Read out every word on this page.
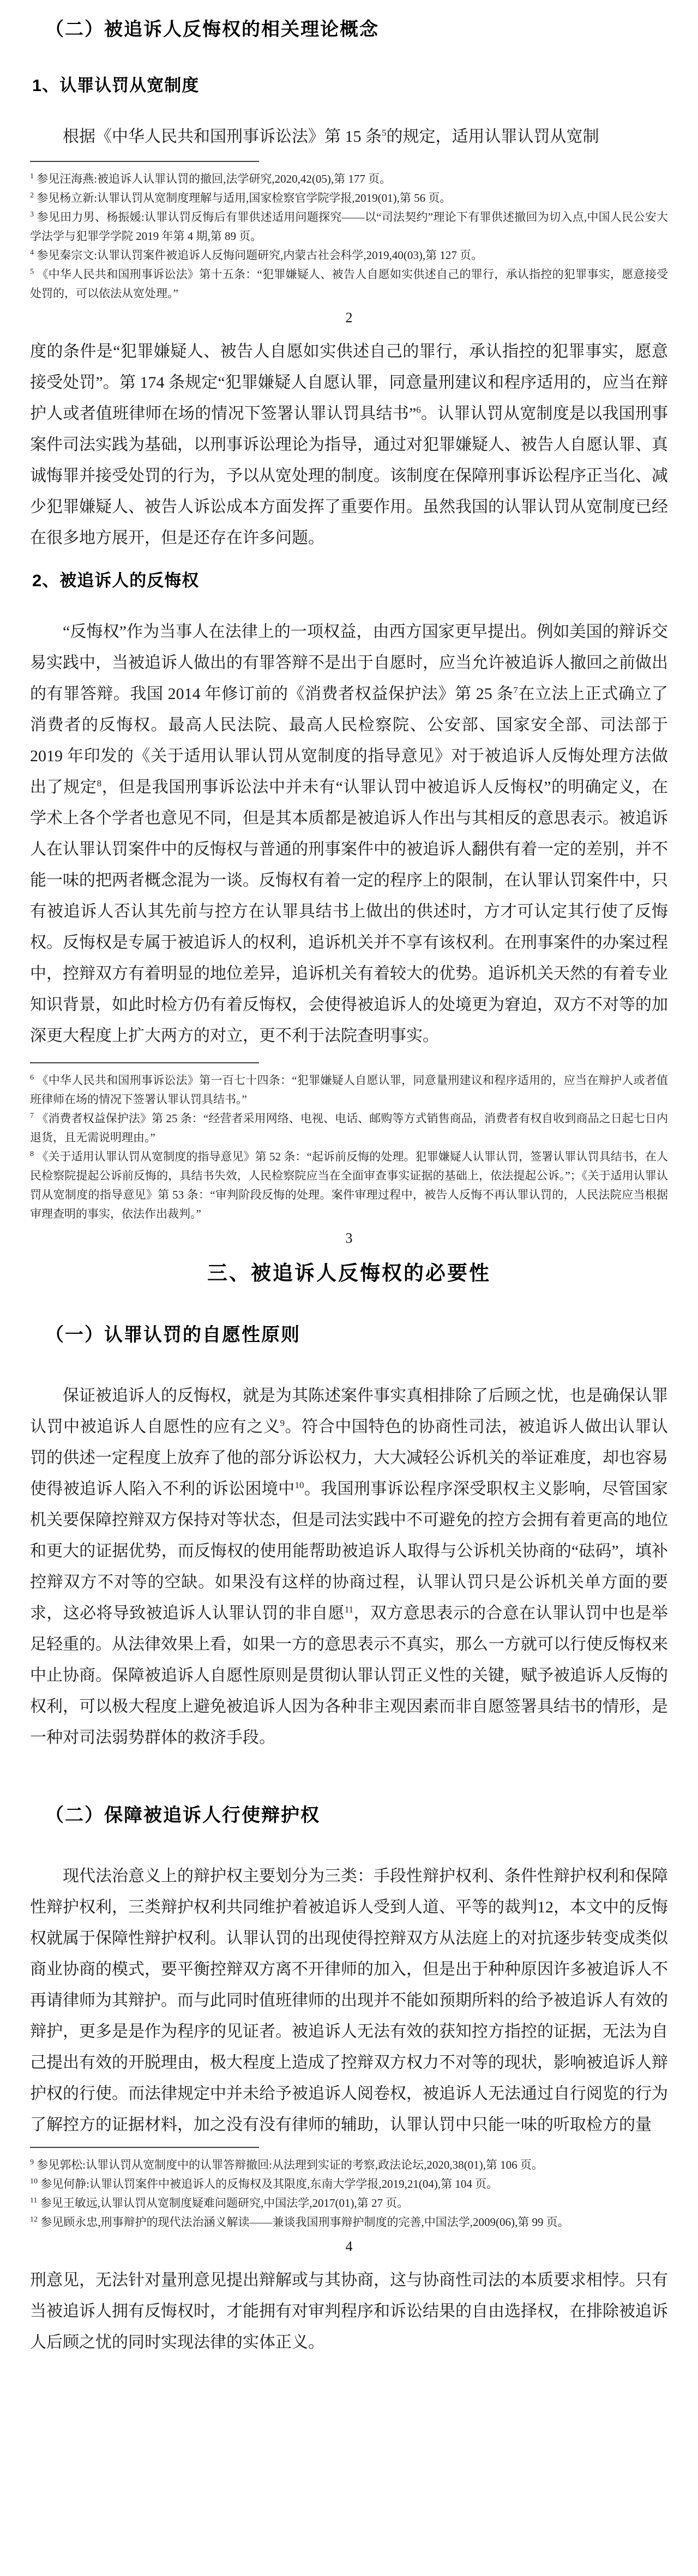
（二）被追诉人反悔权的相关理论概念
1、认罪认罚从宽制度

根据《中华人民共和国刑事诉讼法》第 15 条$^5$的规定，适用认罪认罚从宽制

$^1$ 参见汪海燕:被追诉人认罪认罚的撤回,法学研究,2020,42(05),第 177 页。

$^2$ 参见杨立新:认罪认罚从宽制度理解与适用,国家检察官学院学报,2019(01),第 56 页。

$^3$ 参见田力男、杨振媛:认罪认罚反悔后有罪供述适用问题探究——以“司法契约”理论下有罪供述撤回为切入点,中国人民公安大学法学与犯罪学学院 2019 年第 4 期,第 89 页。

$^4$ 参见秦宗文:认罪认罚案件被追诉人反悔问题研究,内蒙古社会科学,2019,40(03),第 127 页。

$^5$ 《中华人民共和国刑事诉讼法》第十五条：“犯罪嫌疑人、被告人自愿如实供述自己的罪行，承认指控的犯罪事实，愿意接受处罚的，可以依法从宽处理。”

2

度的条件是“犯罪嫌疑人、被告人自愿如实供述自己的罪行，承认指控的犯罪事实，愿意接受处罚”。第 174 条规定“犯罪嫌疑人自愿认罪，同意量刑建议和程序适用的，应当在辩护人或者值班律师在场的情况下签署认罪认罚具结书”$^6$。认罪认罚从宽制度是以我国刑事案件司法实践为基础，以刑事诉讼理论为指导，通过对犯罪嫌疑人、被告人自愿认罪、真诚悔罪并接受处罚的行为，予以从宽处理的制度。该制度在保障刑事诉讼程序正当化、减少犯罪嫌疑人、被告人诉讼成本方面发挥了重要作用。虽然我国的认罪认罚从宽制度已经在很多地方展开，但是还存在许多问题。

2、被追诉人的反悔权

“反悔权”作为当事人在法律上的一项权益，由西方国家更早提出。例如美国的辩诉交易实践中，当被追诉人做出的有罪答辩不是出于自愿时，应当允许被追诉人撤回之前做出的有罪答辩。我国 2014 年修订前的《消费者权益保护法》第 25 条$^7$在立法上正式确立了消费者的反悔权。最高人民法院、最高人民检察院、公安部、国家安全部、司法部于 2019 年印发的《关于适用认罪认罚从宽制度的指导意见》对于被追诉人反悔处理方法做出了规定$^8$，但是我国刑事诉讼法中并未有“认罪认罚中被追诉人反悔权”的明确定义，在学术上各个学者也意见不同，但是其本质都是被追诉人作出与其相反的意思表示。被追诉人在认罪认罚案件中的反悔权与普通的刑事案件中的被追诉人翻供有着一定的差别，并不能一味的把两者概念混为一谈。反悔权有着一定的程序上的限制，在认罪认罚案件中，只有被追诉人否认其先前与控方在认罪具结书上做出的供述时，方才可认定其行使了反悔权。反悔权是专属于被追诉人的权利，追诉机关并不享有该权利。在刑事案件的办案过程中，控辩双方有着明显的地位差异，追诉机关有着较大的优势。追诉机关天然的有着专业知识背景，如此时检方仍有着反悔权，会使得被追诉人的处境更为窘迫，双方不对等的加深更大程度上扩大两方的对立，更不利于法院查明事实。

$^6$ 《中华人民共和国刑事诉讼法》第一百七十四条：“犯罪嫌疑人自愿认罪，同意量刑建议和程序适用的，应当在辩护人或者值班律师在场的情况下签署认罪认罚具结书。”

$^7$ 《消费者权益保护法》第 25 条：“经营者采用网络、电视、电话、邮购等方式销售商品，消费者有权自收到商品之日起七日内退货，且无需说明理由。”

$^8$ 《关于适用认罪认罚从宽制度的指导意见》第 52 条：“起诉前反悔的处理。犯罪嫌疑人认罪认罚，签署认罪认罚具结书，在人民检察院提起公诉前反悔的，具结书失效，人民检察院应当在全面审查事实证据的基础上，依法提起公诉。”；《关于适用认罪认罚从宽制度的指导意见》第 53 条：“审判阶段反悔的处理。案件审理过程中，被告人反悔不再认罪认罚的，人民法院应当根据审理查明的事实，依法作出裁判。”

3
三、被追诉人反悔权的必要性
（一）认罪认罚的自愿性原则

保证被追诉人的反悔权，就是为其陈述案件事实真相排除了后顾之忧，也是确保认罪认罚中被追诉人自愿性的应有之义$^9$。符合中国特色的协商性司法，被追诉人做出认罪认罚的供述一定程度上放弃了他的部分诉讼权力，大大减轻公诉机关的举证难度，却也容易使得被追诉人陷入不利的诉讼困境中$^{10}$。我国刑事诉讼程序深受职权主义影响，尽管国家机关要保障控辩双方保持对等状态，但是司法实践中不可避免的控方会拥有着更高的地位和更大的证据优势，而反悔权的使用能帮助被追诉人取得与公诉机关协商的“砝码”，填补控辩双方不对等的空缺。如果没有这样的协商过程，认罪认罚只是公诉机关单方面的要求，这必将导致被追诉人认罪认罚的非自愿$^{11}$，双方意思表示的合意在认罪认罚中也是举足轻重的。从法律效果上看，如果一方的意思表示不真实，那么一方就可以行使反悔权来中止协商。保障被追诉人自愿性原则是贯彻认罪认罚正义性的关键，赋予被追诉人反悔的权利，可以极大程度上避免被追诉人因为各种非主观因素而非自愿签署具结书的情形，是一种对司法弱势群体的救济手段。

（二）保障被追诉人行使辩护权

现代法治意义上的辩护权主要划分为三类：手段性辩护权利、条件性辩护权利和保障性辩护权利，三类辩护权利共同维护着被追诉人受到人道、平等的裁判12，本文中的反悔权就属于保障性辩护权利。认罪认罚的出现使得控辩双方从法庭上的对抗逐步转变成类似商业协商的模式，要平衡控辩双方离不开律师的加入，但是出于种种原因许多被追诉人不再请律师为其辩护。而与此同时值班律师的出现并不能如预期所料的给予被追诉人有效的辩护，更多是是作为程序的见证者。被追诉人无法有效的获知控方指控的证据，无法为自己提出有效的开脱理由，极大程度上造成了控辩双方权力不对等的现状，影响被追诉人辩护权的行使。而法律规定中并未给予被追诉人阅卷权，被追诉人无法通过自行阅览的行为了解控方的证据材料，加之没有没有律师的辅助，认罪认罚中只能一味的听取检方的量

$^9$ 参见郭松:认罪认罚从宽制度中的认罪答辩撤回:从法理到实证的考察,政法论坛,2020,38(01),第 106 页。

$^{10}$ 参见何静:认罪认罚案件中被追诉人的反悔权及其限度,东南大学学报,2019,21(04),第 104 页。

$^{11}$ 参见王敏远,认罪认罚从宽制度疑难问题研究,中国法学,2017(01),第 27 页。

$^{12}$ 参见顾永忠,刑事辩护的现代法治涵义解读——兼谈我国刑事辩护制度的完善,中国法学,2009(06),第 99 页。

4

刑意见，无法针对量刑意见提出辩解或与其协商，这与协商性司法的本质要求相悖。只有当被追诉人拥有反悔权时，才能拥有对审判程序和诉讼结果的自由选择权，在排除被追诉人后顾之忧的同时实现法律的实体正义。
